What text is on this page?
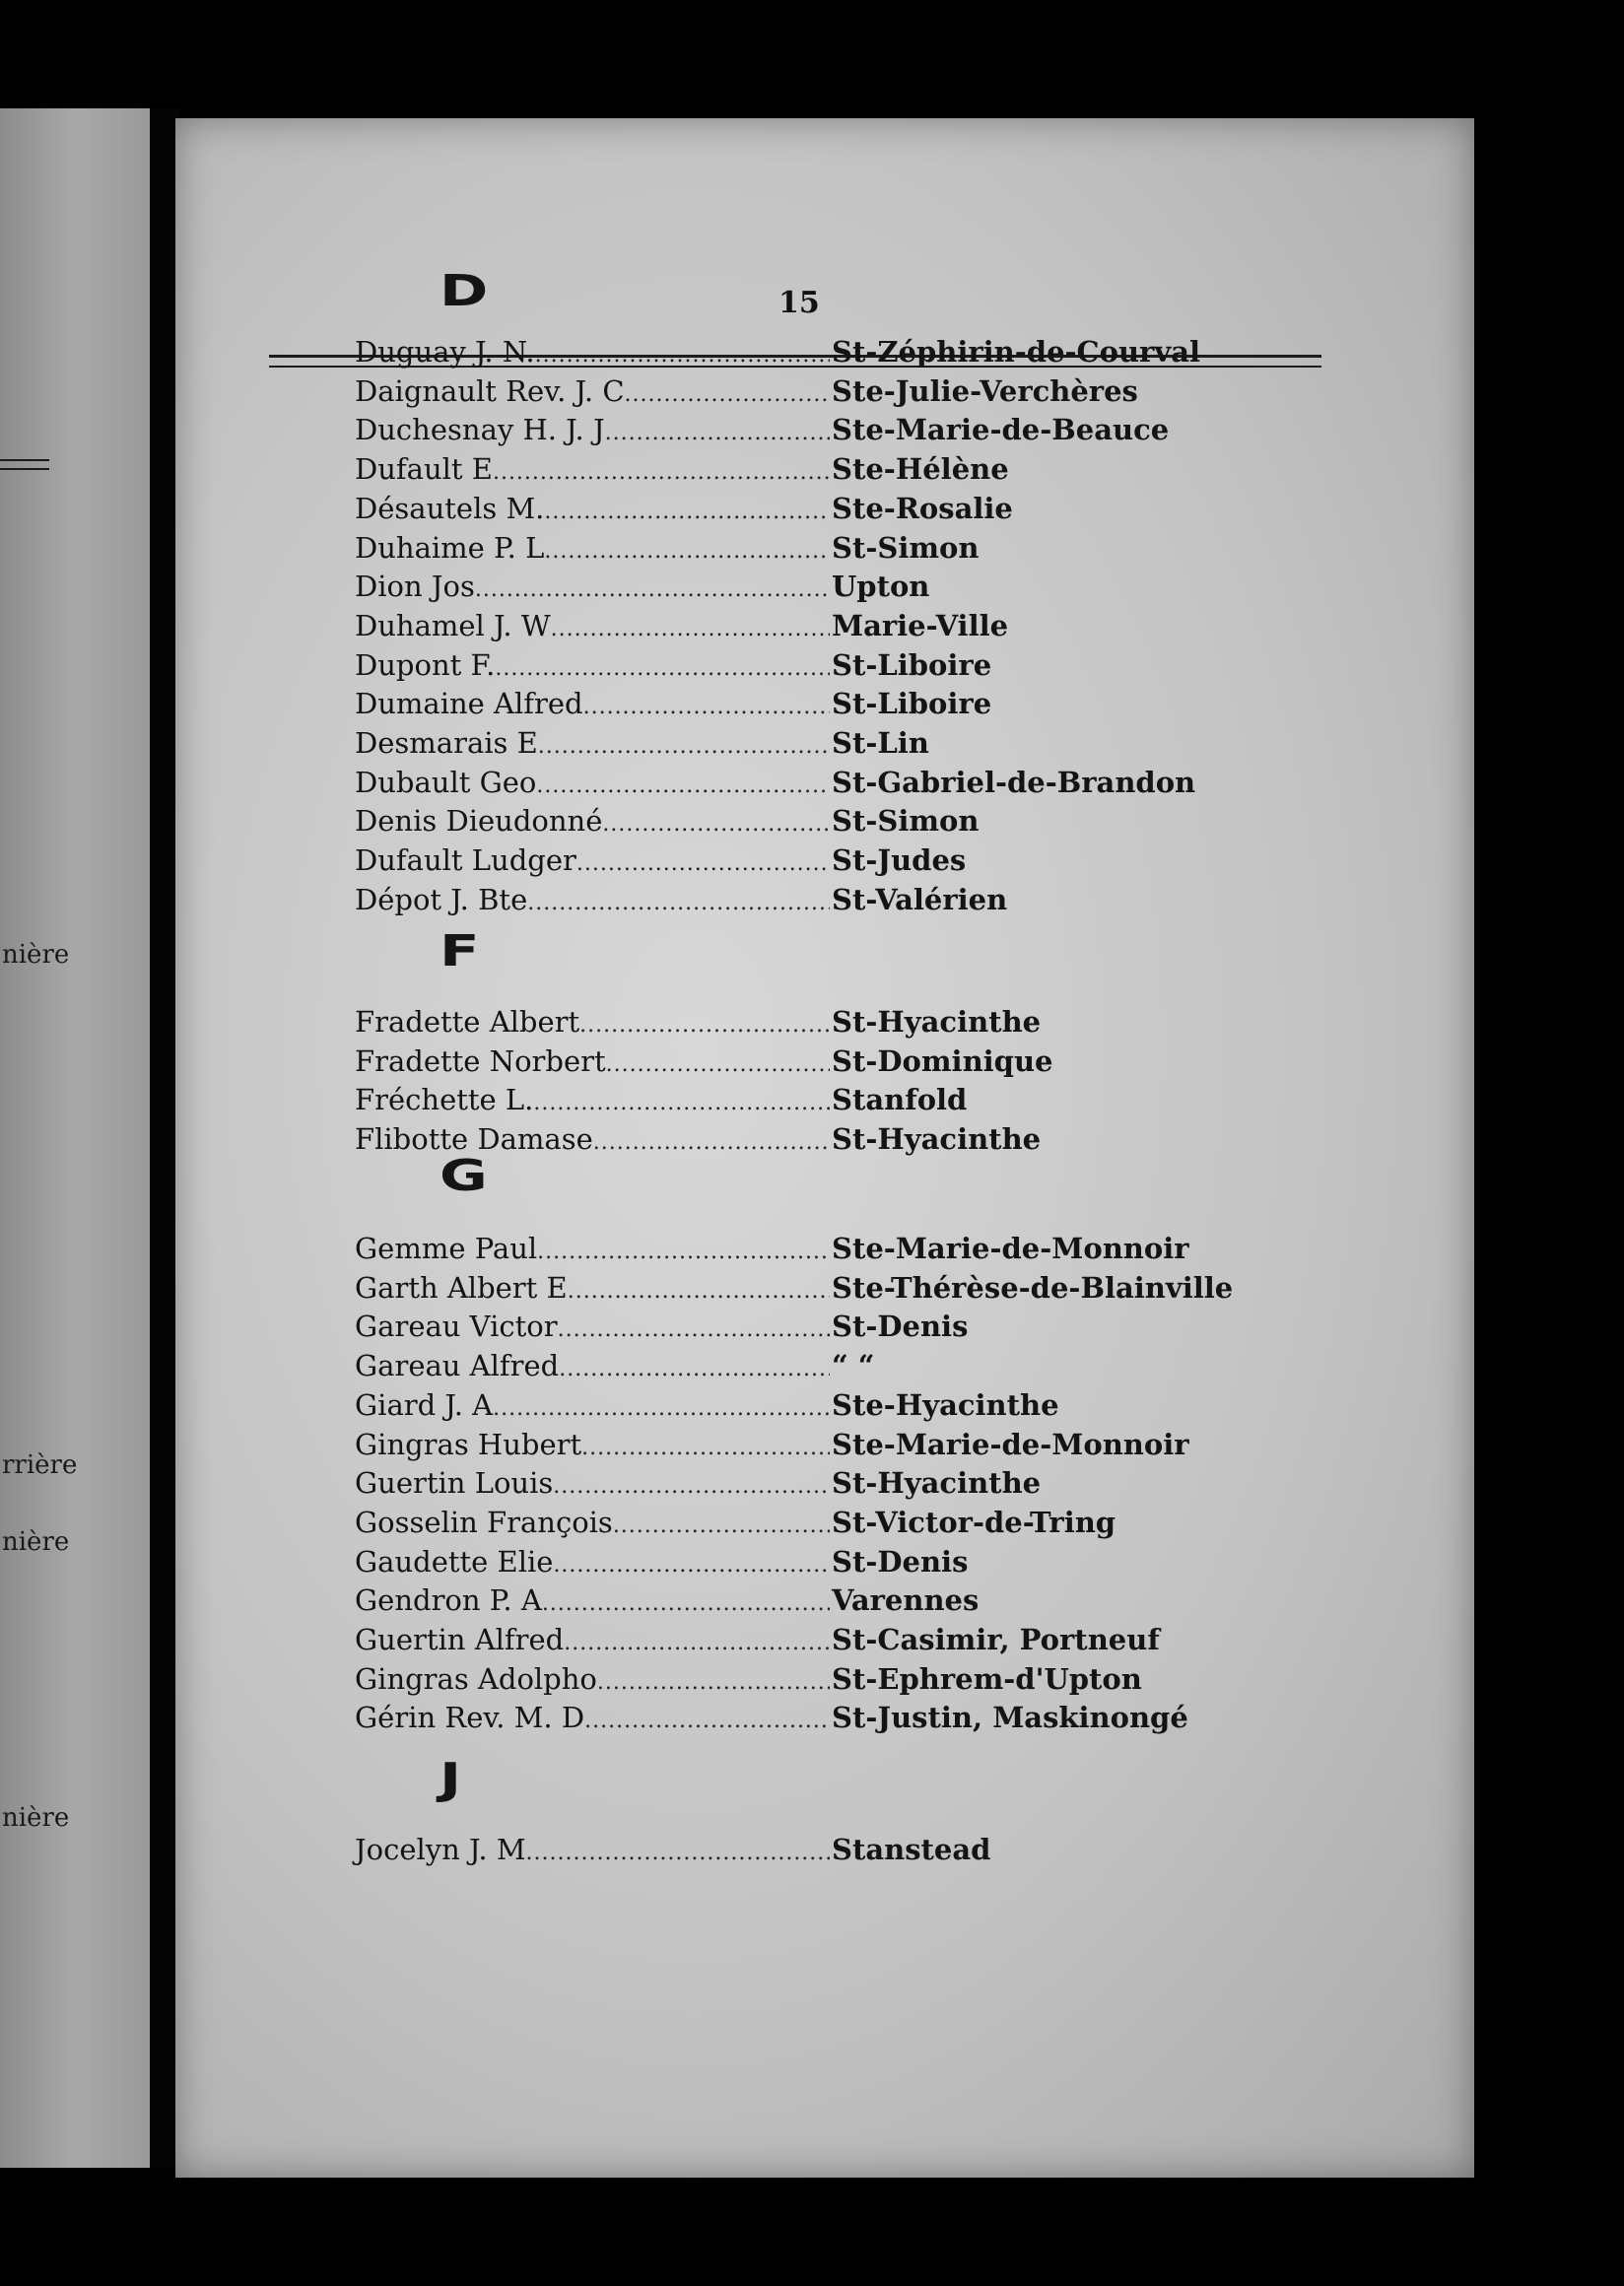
nière
rrière
nière
nière
15
D
Duguay J. N. .....	St-Zéphirin-de-Courval
Daignault Rev. J. C .....	Ste-Julie-Verchères
Duchesnay H. J. J .....	Ste-Marie-de-Beauce
Dufault E .....	Ste-Hélène
Désautels M. .....	Ste-Rosalie
Duhaime P. L .....	St-Simon
Dion Jos .....	Upton
Duhamel J. W .....	Marie-Ville
Dupont F. .....	St-Liboire
Dumaine Alfred .....	St-Liboire
Desmarais E .....	St-Lin
Dubault Geo .....	St-Gabriel-de-Brandon
Denis Dieudonné .....	St-Simon
Dufault Ludger .....	St-Judes
Dépot J. Bte .....	St-Valérien
F
Fradette Albert .....	St-Hyacinthe
Fradette Norbert .....	St-Dominique
Fréchette L. .....	Stanfold
Flibotte Damase .....	St-Hyacinthe
G
Gemme Paul .....	Ste-Marie-de-Monnoir
Garth Albert E .....	Ste-Thérèse-de-Blainville
Gareau Victor .....	St-Denis
Gareau Alfred .....	“ “
Giard J. A .....	Ste-Hyacinthe
Gingras Hubert .....	Ste-Marie-de-Monnoir
Guertin Louis .....	St-Hyacinthe
Gosselin François .....	St-Victor-de-Tring
Gaudette Elie .....	St-Denis
Gendron P. A .....	Varennes
Guertin Alfred .....	St-Casimir, Portneuf
Gingras Adolpho .....	St-Ephrem-d'Upton
Gérin Rev. M. D .....	St-Justin, Maskinongé
J
Jocelyn J. M .....	Stanstead
